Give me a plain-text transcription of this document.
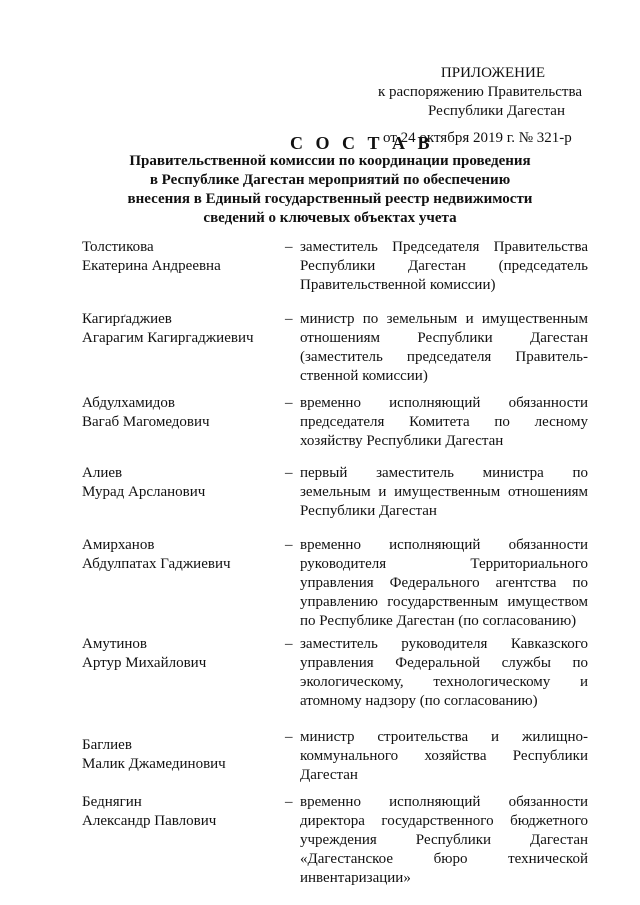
ПРИЛОЖЕНИЕ
к распоряжению Правительства
Республики Дагестан
С О С Т А В
от 24 октября 2019 г. № 321-р
Правительственной комиссии по координации проведения
в Республике Дагестан мероприятий по обеспечению
внесения в Единый государственный реестр недвижимости
сведений о ключевых объектах учета
Толстикова
Екатерина Андреевна
– заместитель Председателя Правительства
Республики Дагестан (председатель
Правительственной комиссии)
Кагирґаджиев
Агарагим Кагиргаджиевич
– министр по земельным и имущественным
отношениям Республики Дагестан
(заместитель председателя Правитель-
ственной комиссии)
Абдулхамидов
Вагаб Магомедович
– временно исполняющий обязанности
председателя Комитета по лесному
хозяйству Республики Дагестан
Алиев
Мурад Арсланович
– первый заместитель министра по
земельным и имущественным отношениям
Республики Дагестан
Амирханов
Абдулпатах Гаджиевич
– временно исполняющий обязанности
руководителя Территориального
управления Федерального агентства по
управлению государственным имуществом
по Республике Дагестан (по согласованию)
Амутинов
Артур Михайлович
– заместитель руководителя Кавказского
управления Федеральной службы по
экологическому, технологическому и
атомному надзору (по согласованию)
Баглиев
Малик Джамединович
– министр строительства и жилищно-
коммунального хозяйства Республики
Дагестан
Беднягин
Александр Павлович
– временно исполняющий обязанности
директора государственного бюджетного
учреждения Республики Дагестан
«Дагестанское бюро технической
инвентаризации»
